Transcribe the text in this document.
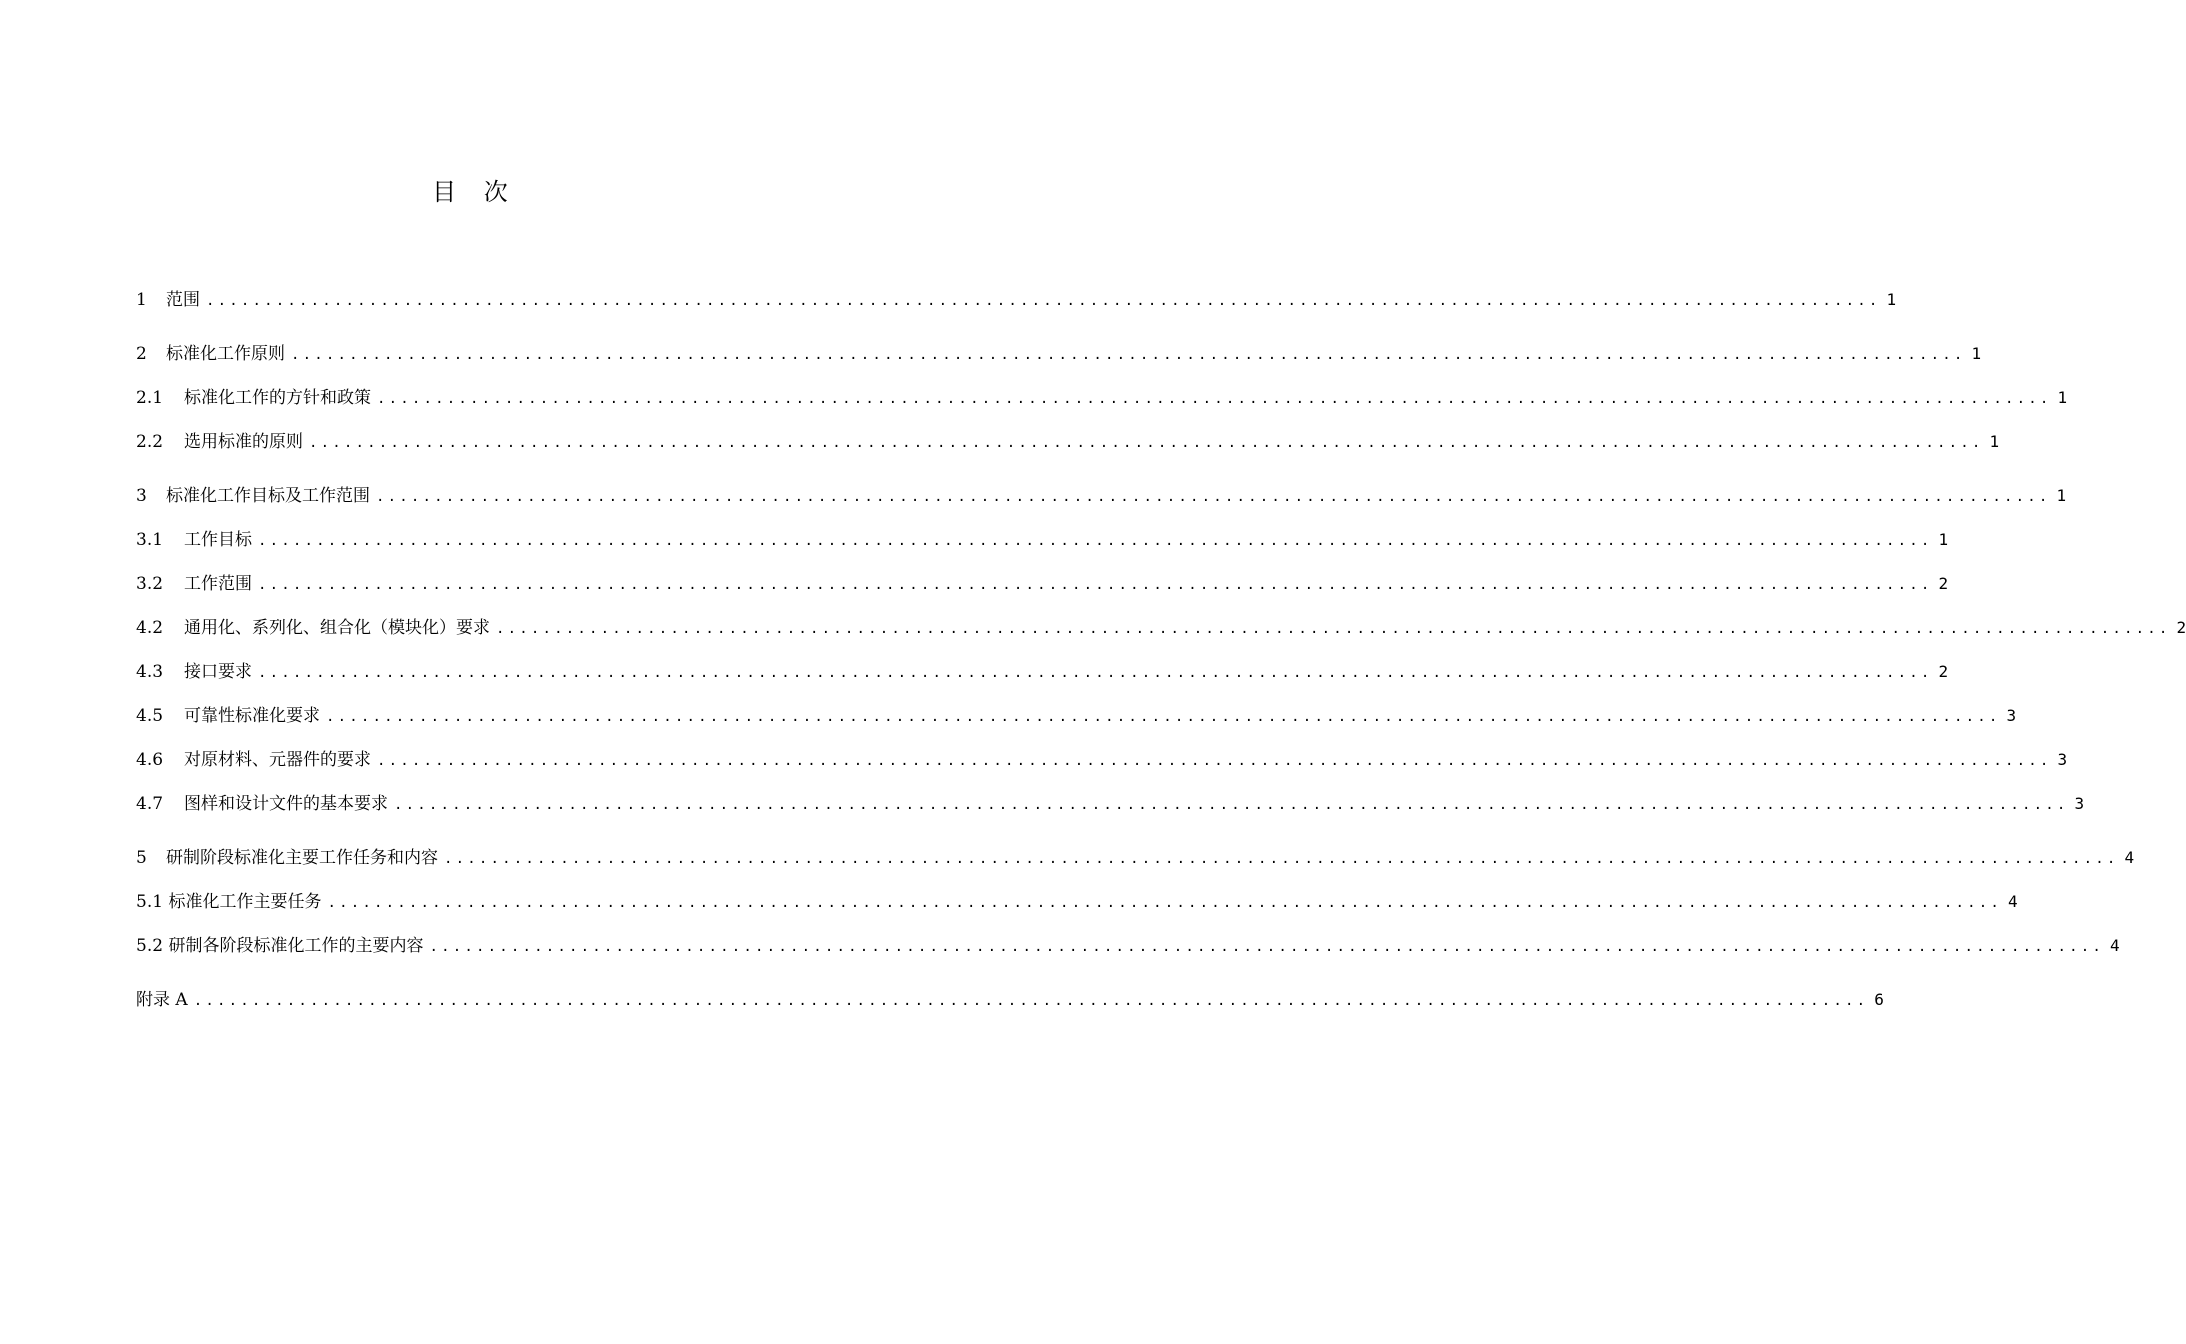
目 次
1	范围 ................................................................................................................................................ 1
2	标准化工作原则 ................................................................................................................................................ 1
2.1	标准化工作的方针和政策 ................................................................................................................................................ 1
2.2	选用标准的原则 ................................................................................................................................................ 1
3	标准化工作目标及工作范围 ................................................................................................................................................ 1
3.1	工作目标 ................................................................................................................................................ 1
3.2	工作范围 ................................................................................................................................................ 2
4.2	通用化、系列化、组合化（模块化）要求 ................................................................................................................................................ 2
4.3	接口要求 ................................................................................................................................................ 2
4.5	可靠性标准化要求 ................................................................................................................................................ 3
4.6	对原材料、元器件的要求 ................................................................................................................................................ 3
4.7	图样和设计文件的基本要求 ................................................................................................................................................ 3
5	研制阶段标准化主要工作任务和内容 ................................................................................................................................................ 4
5.1 标准化工作主要任务 ................................................................................................................................................ 4
5.2 研制各阶段标准化工作的主要内容 ................................................................................................................................................ 4
附录 A ................................................................................................................................................ 6
